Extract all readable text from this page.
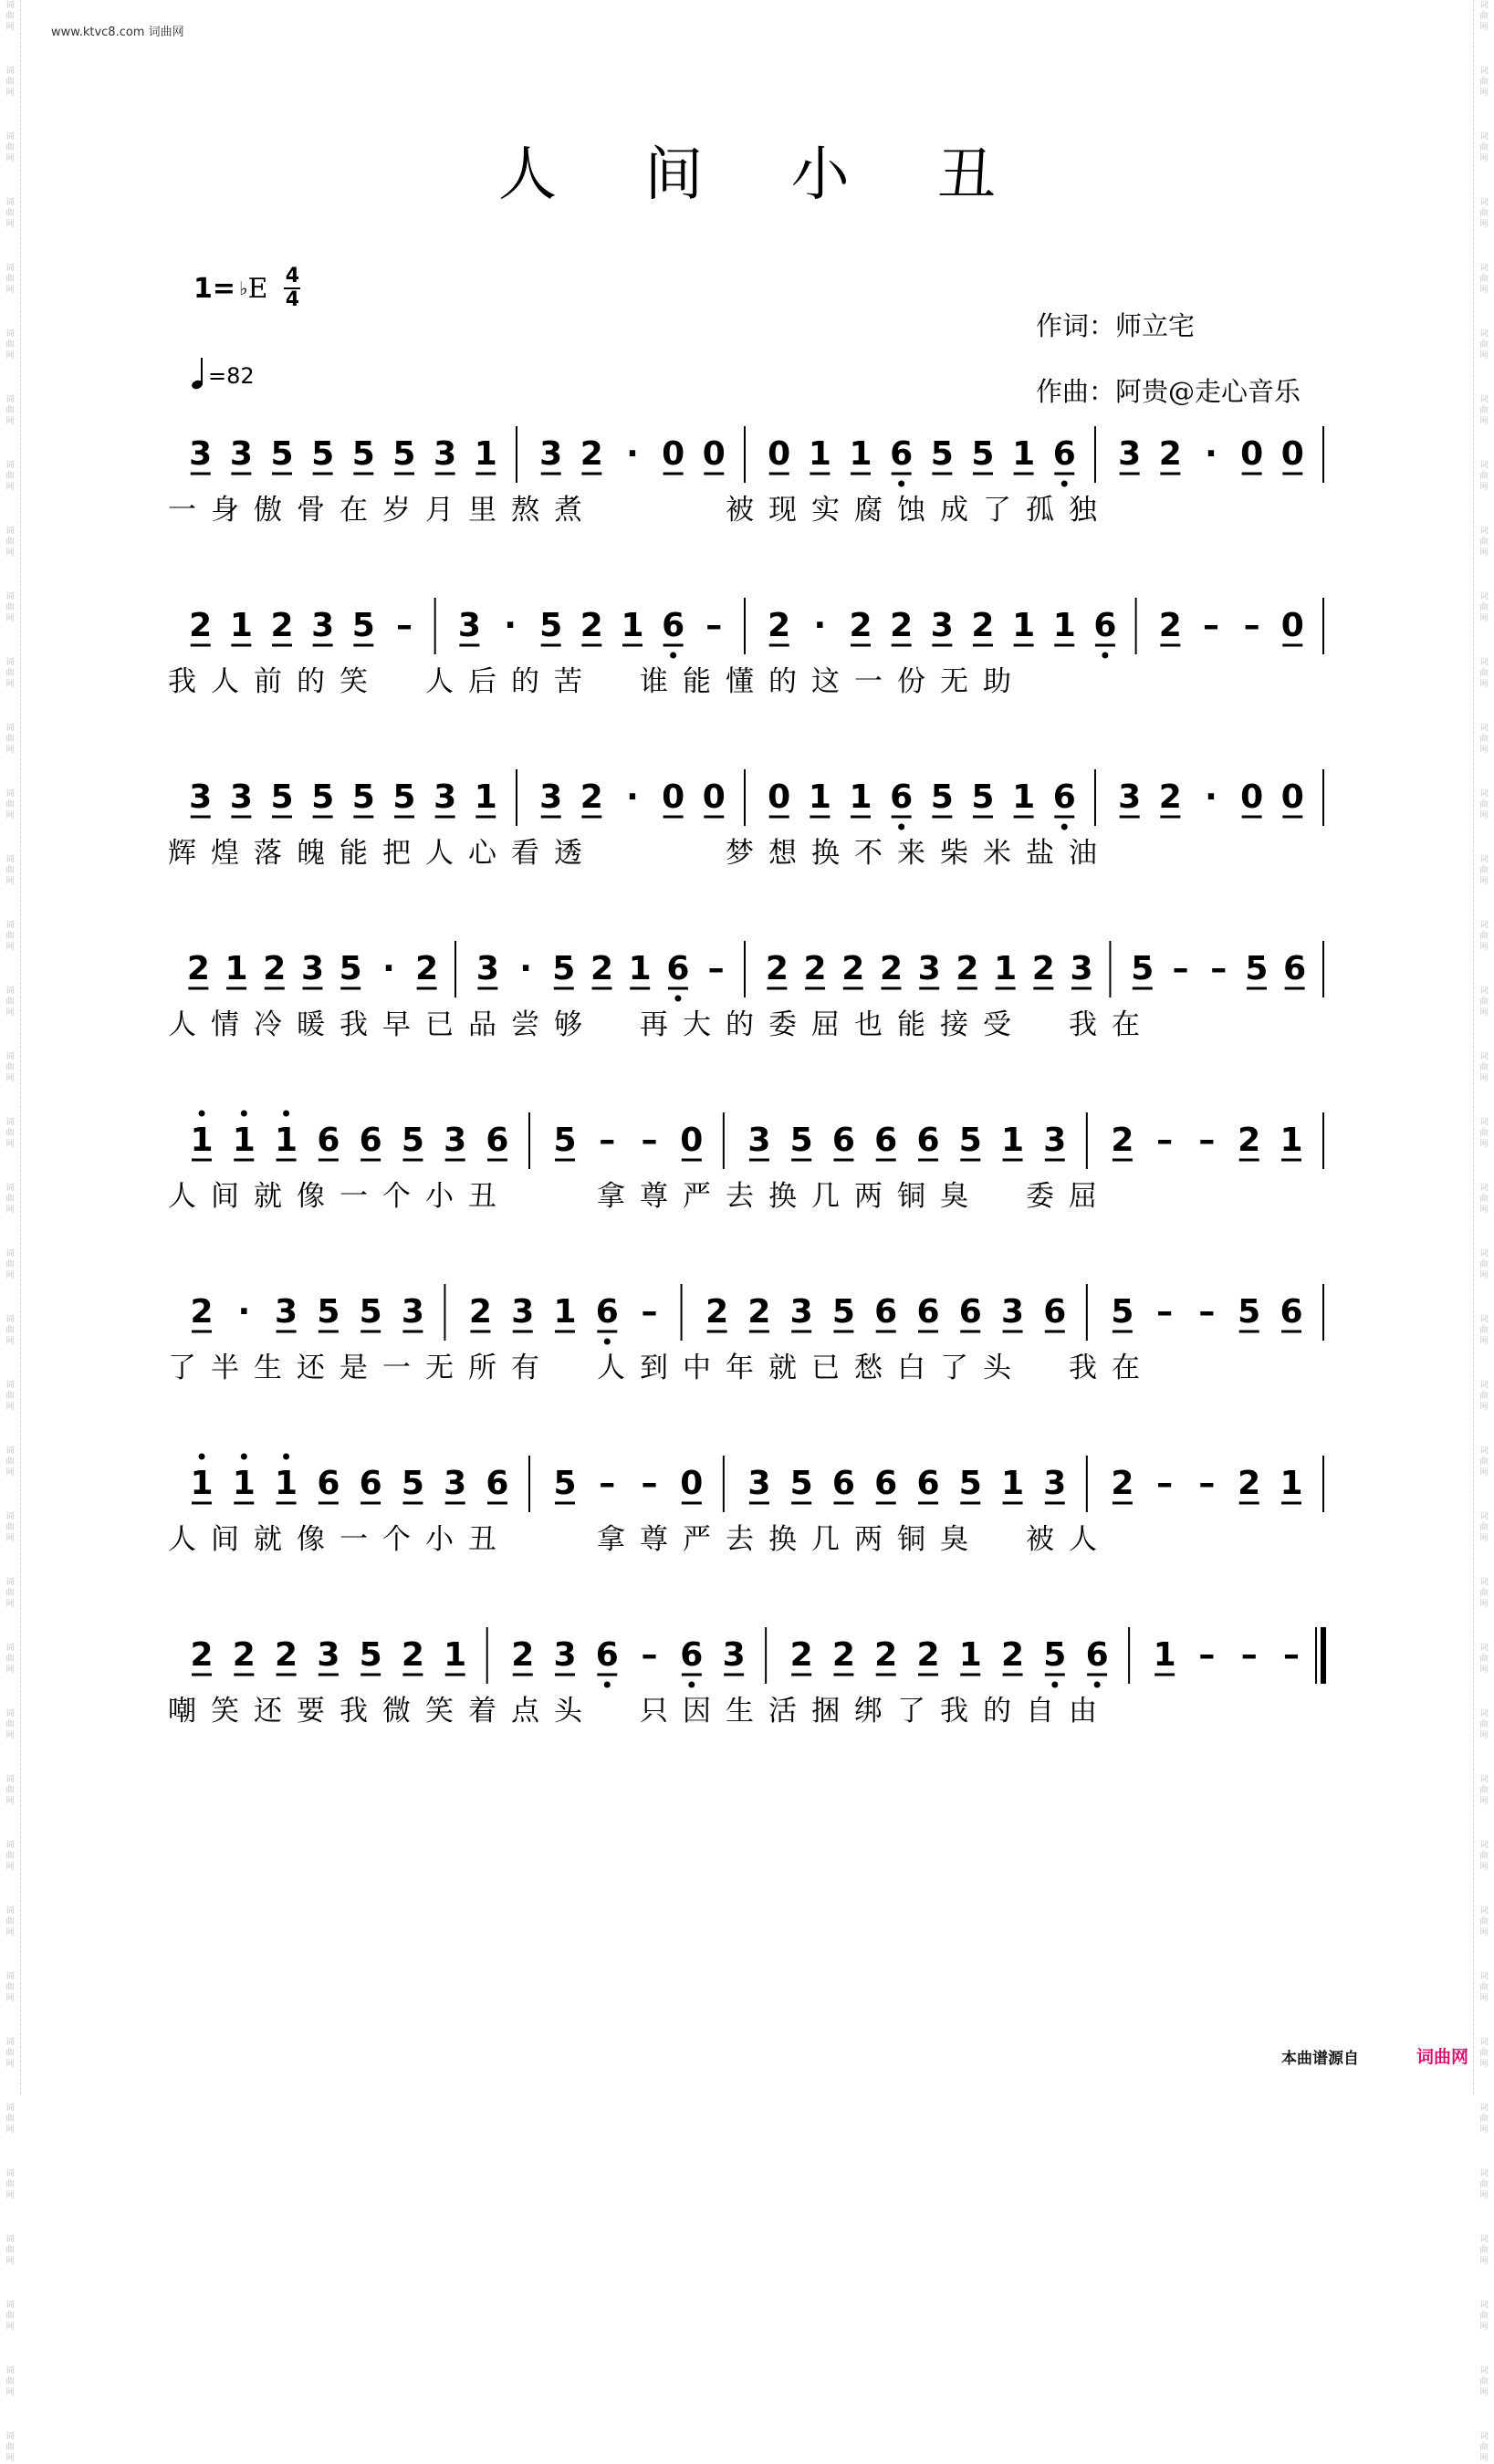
词
曲
网
词
曲
网
词
曲
网
词
曲
网
词
曲
网
词
曲
网
词
曲
网
词
曲
网
词
曲
网
词
曲
网
词
曲
网
词
曲
网
词
曲
网
词
曲
网
词
曲
网
词
曲
网
词
曲
网
词
曲
网
词
曲
网
词
曲
网
词
曲
网
词
曲
网
词
曲
网
词
曲
网
词
曲
网
词
曲
网
词
曲
网
词
曲
网
词
曲
网
词
曲
网
词
曲
网
词
曲
网
词
曲
网
词
曲
网
词
曲
网
词
曲
网
词
曲
网
词
曲
网
词
曲
网
词
曲
网
词
曲
网
词
曲
网
词
曲
网
词
曲
网
词
曲
网
词
曲
网
词
曲
网
词
曲
网
词
曲
网
词
曲
网
词
曲
网
词
曲
网
词
曲
网
词
曲
网
词
曲
网
词
曲
网
词
曲
网
词
曲
网
词
曲
网
词
曲
网
词
曲
网
词
曲
网
词
曲
网
词
曲
网
词
曲
网
词
曲
网
词
曲
网
词
曲
网
词
曲
网
词
曲
网
词
曲
网
词
曲
网
词
曲
网
词
曲
网
词
曲
网
词
曲
网
www.ktvc8.com 词曲网
人 间 小 丑
1= ♭ E 4
4
=82
作词：师立宅
作曲：阿贵@走心音乐
3 3 5 5 5 5 3 1 3 2 · 0 0 0 1 1 6 5 5 1 6 3 2 · 0 0
一身傲骨在岁月里熬煮　　　被现实腐蚀成了孤独
2 1 2 3 5 – 3 · 5 2 1 6 – 2 · 2 2 3 2 1 1 6 2 – – 0
我人前的笑　人后的苦　谁能懂的这一份无助
3 3 5 5 5 5 3 1 3 2 · 0 0 0 1 1 6 5 5 1 6 3 2 · 0 0
辉煌落魄能把人心看透　　　梦想换不来柴米盐油
2 1 2 3 5 · 2 3 · 5 2 1 6 – 2 2 2 2 3 2 1 2 3 5 – – 5 6
人情冷暖我早已品尝够　再大的委屈也能接受　我在
1 1 1 6 6 5 3 6 5 – – 0 3 5 6 6 6 5 1 3 2 – – 2 1
人间就像一个小丑　　拿尊严去换几两铜臭　委屈
2 · 3 5 5 3 2 3 1 6 – 2 2 3 5 6 6 6 3 6 5 – – 5 6
了半生还是一无所有　人到中年就已愁白了头　我在
1 1 1 6 6 5 3 6 5 – – 0 3 5 6 6 6 5 1 3 2 – – 2 1
人间就像一个小丑　　拿尊严去换几两铜臭　被人
2 2 2 3 5 2 1 2 3 6 – 6 3 2 2 2 2 1 2 5 6 1 – – –
嘲笑还要我微笑着点头　只因生活捆绑了我的自由
本曲谱源自	词曲网
